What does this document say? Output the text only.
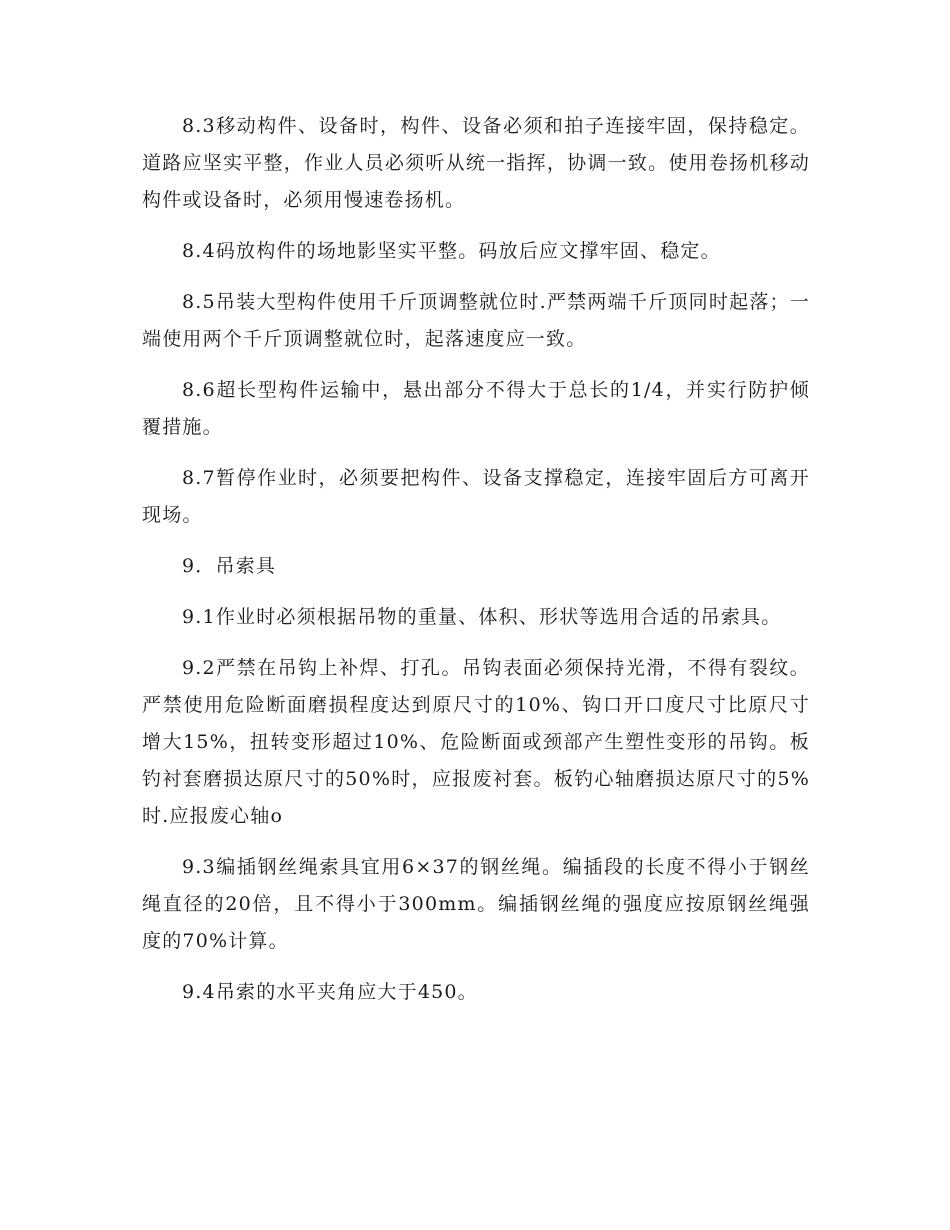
8.3移动构件、设备时，构件、设备必须和拍子连接牢固，保持稳定。道路应坚实平整，作业人员必须听从统一指挥，协调一致。使用卷扬机移动构件或设备时，必须用慢速卷扬机。

8.4码放构件的场地影坚实平整。码放后应文撑牢固、稳定。

8.5吊装大型构件使用千斤顶调整就位时.严禁两端千斤顶同时起落；一端使用两个千斤顶调整就位时，起落速度应一致。

8.6超长型构件运输中，悬出部分不得大于总长的1/4，并实行防护倾覆措施。

8.7暂停作业时，必须要把构件、设备支撑稳定，连接牢固后方可离开现场。

9．吊索具

9.1作业时必须根据吊物的重量、体积、形状等选用合适的吊索具。

9.2严禁在吊钩上补焊、打孔。吊钩表面必须保持光滑，不得有裂纹。严禁使用危险断面磨损程度达到原尺寸的10%、钩口开口度尺寸比原尺寸增大15%，扭转变形超过10%、危险断面或颈部产生塑性变形的吊钩。板钓衬套磨损达原尺寸的50%时，应报废衬套。板钓心轴磨损达原尺寸的5%时.应报废心轴o

9.3编插钢丝绳索具宜用6×37的钢丝绳。编插段的长度不得小于钢丝绳直径的20倍，且不得小于300mm。编插钢丝绳的强度应按原钢丝绳强度的70%计算。

9.4吊索的水平夹角应大于450。
